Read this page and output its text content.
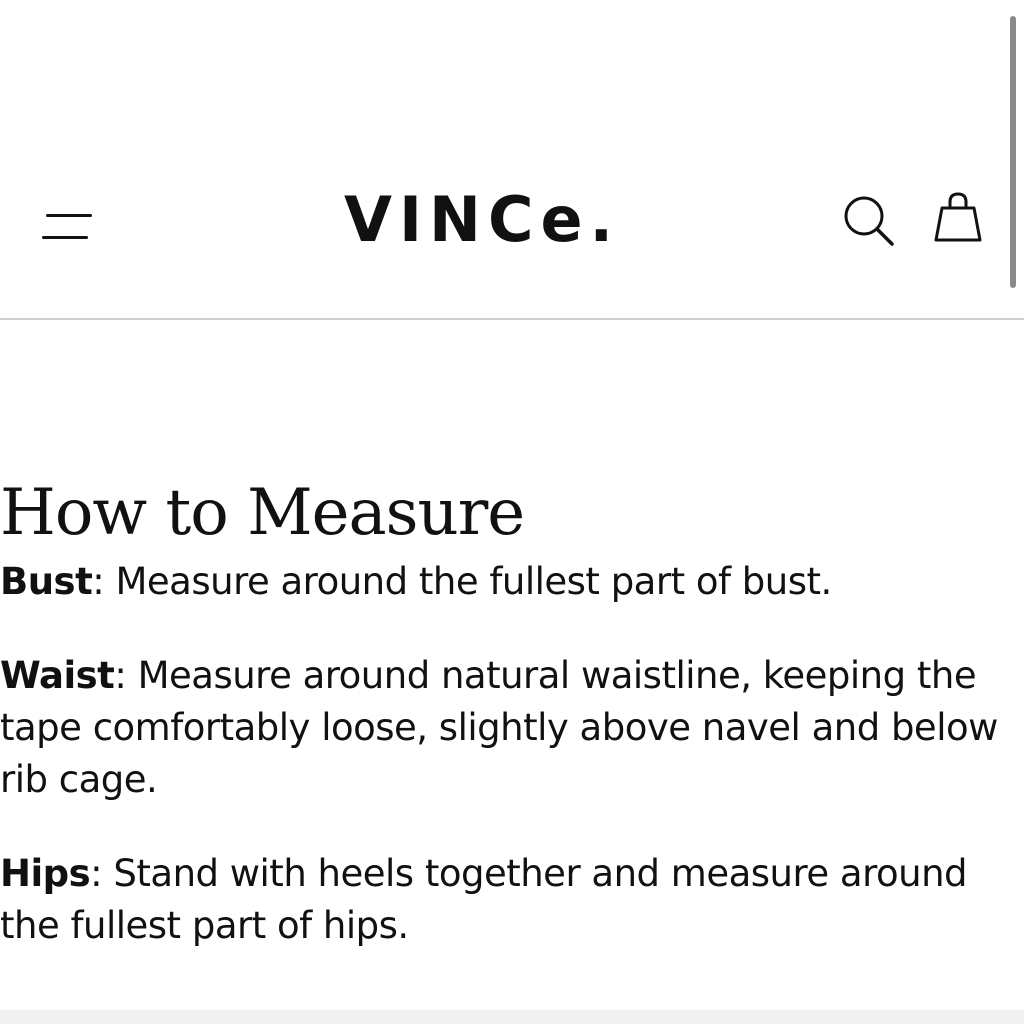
VINCe.
How to Measure

Bust: Measure around the fullest part of bust.

Waist: Measure around natural waistline, keeping the tape comfortably loose, slightly above navel and below rib cage.

Hips: Stand with heels together and measure around the fullest part of hips.
